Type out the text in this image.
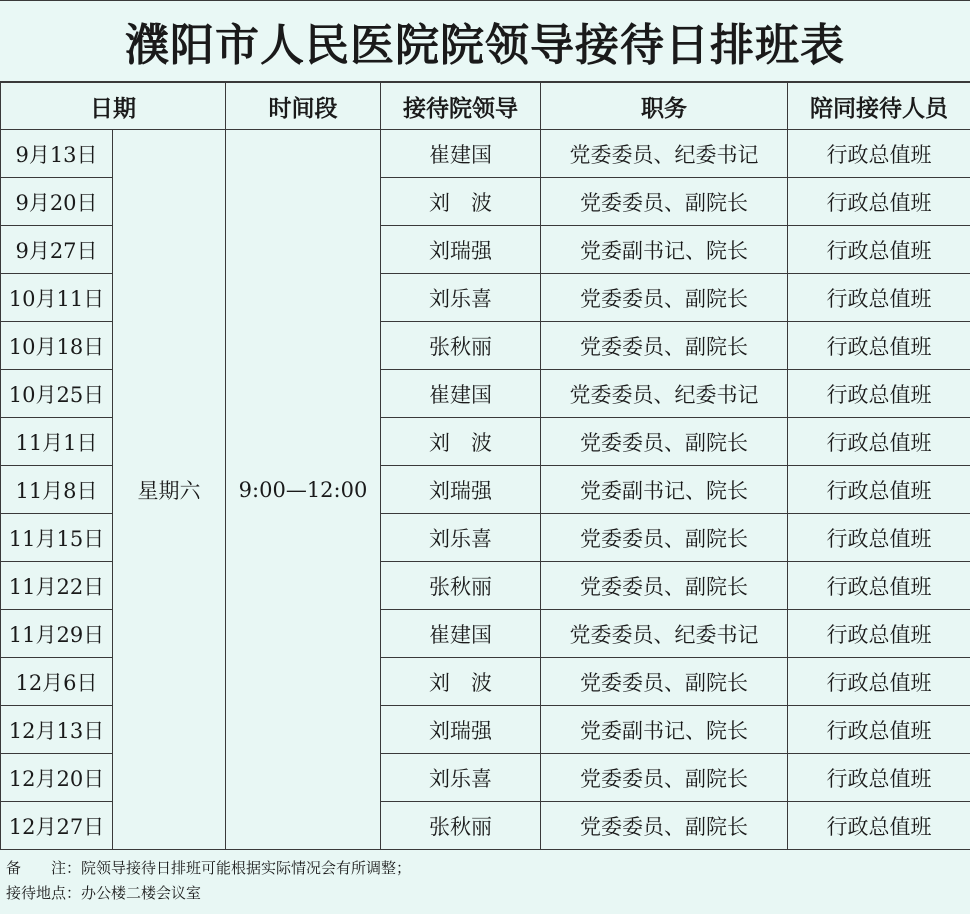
濮阳市人民医院院领导接待日排班表
日期		时间段	接待院领导	职务	陪同接待人员
9月13日	星期六	9:00—12:00	崔建国	党委委员、纪委书记	行政总值班
9月20日			刘　波	党委委员、副院长	行政总值班
9月27日			刘瑞强	党委副书记、院长	行政总值班
10月11日			刘乐喜	党委委员、副院长	行政总值班
10月18日			张秋丽	党委委员、副院长	行政总值班
10月25日			崔建国	党委委员、纪委书记	行政总值班
11月1日			刘　波	党委委员、副院长	行政总值班
11月8日			刘瑞强	党委副书记、院长	行政总值班
11月15日			刘乐喜	党委委员、副院长	行政总值班
11月22日			张秋丽	党委委员、副院长	行政总值班
11月29日			崔建国	党委委员、纪委书记	行政总值班
12月6日			刘　波	党委委员、副院长	行政总值班
12月13日			刘瑞强	党委副书记、院长	行政总值班
12月20日			刘乐喜	党委委员、副院长	行政总值班
12月27日			张秋丽	党委委员、副院长	行政总值班
备　　注：院领导接待日排班可能根据实际情况会有所调整；
接待地点：办公楼二楼会议室
